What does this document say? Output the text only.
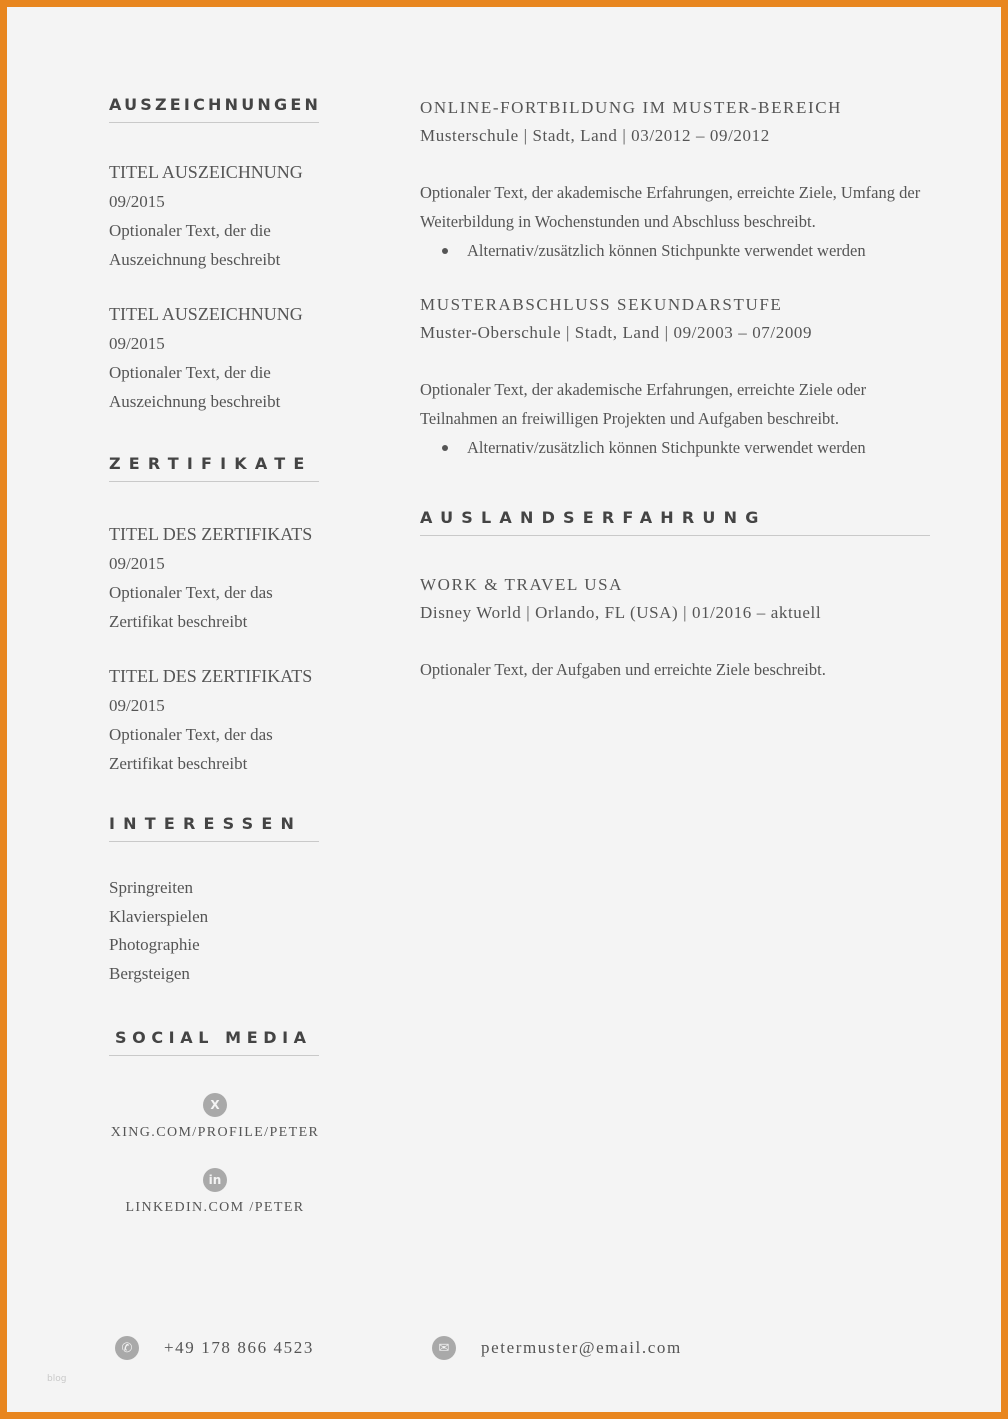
AUSZEICHNUNGEN
TITEL AUSZEICHNUNG
09/2015
Optionaler Text, der die Auszeichnung beschreibt
TITEL AUSZEICHNUNG
09/2015
Optionaler Text, der die Auszeichnung beschreibt
ZERTIFIKATE
TITEL DES ZERTIFIKATS
09/2015
Optionaler Text, der das Zertifikat beschreibt
TITEL DES ZERTIFIKATS
09/2015
Optionaler Text, der das Zertifikat beschreibt
INTERESSEN
Springreiten
Klavierspielen
Photographie
Bergsteigen
SOCIAL MEDIA
X
XING.COM/PROFILE/PETER
in
LINKEDIN.COM /PETER
ONLINE-FORTBILDUNG IM MUSTER-BEREICH
Musterschule | Stadt, Land | 03/2012 – 09/2012
Optionaler Text, der akademische Erfahrungen, erreichte Ziele, Umfang der Weiterbildung in Wochenstunden und Abschluss beschreibt.
Alternativ/zusätzlich können Stichpunkte verwendet werden
MUSTERABSCHLUSS SEKUNDARSTUFE
Muster-Oberschule | Stadt, Land | 09/2003 – 07/2009
Optionaler Text, der akademische Erfahrungen, erreichte Ziele oder Teilnahmen an freiwilligen Projekten und Aufgaben beschreibt.
Alternativ/zusätzlich können Stichpunkte verwendet werden
AUSLANDSERFAHRUNG
WORK & TRAVEL USA
Disney World | Orlando, FL (USA) | 01/2016 – aktuell
Optionaler Text, der Aufgaben und erreichte Ziele beschreibt.
✆	+49 178 866 4523	✉	petermuster@email.com
blog
